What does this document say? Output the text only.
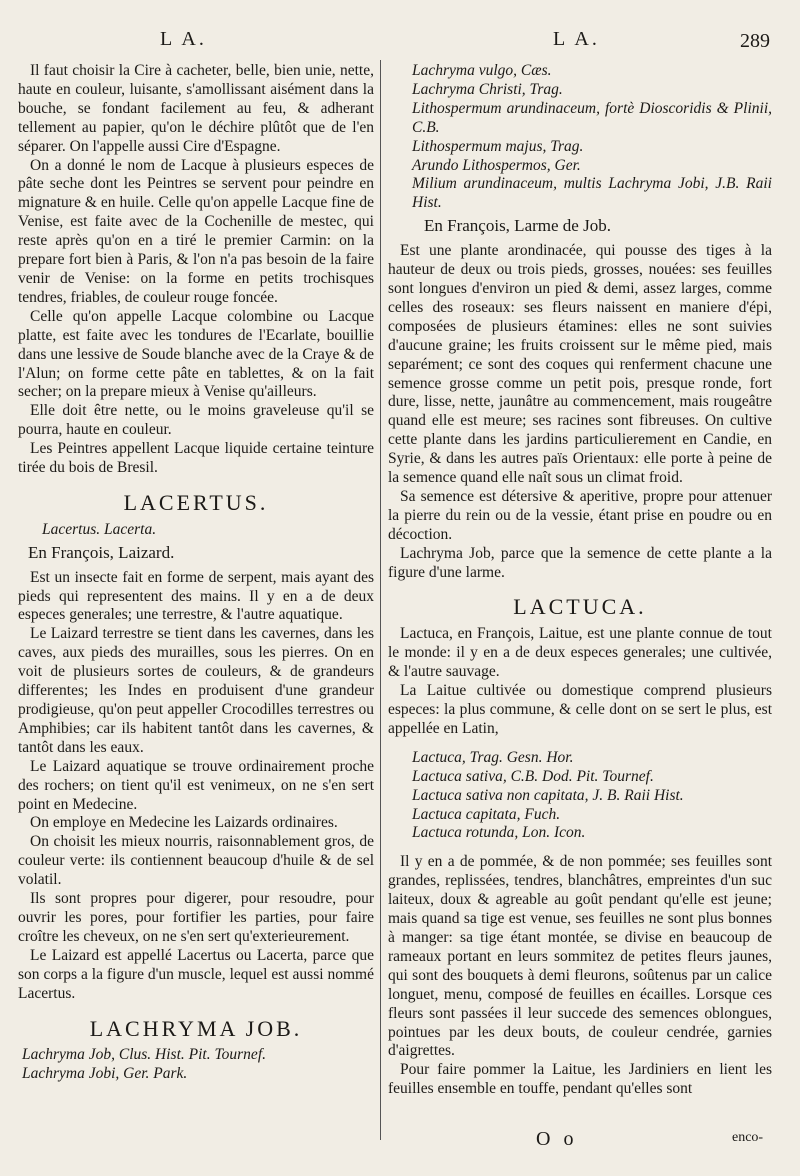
L A.	L A.	289

Il faut choisir la Cire à cacheter, belle, bien unie, nette, haute en couleur, luisante, s'amollissant aisément dans la bouche, se fondant facilement au feu, & adherant tellement au papier, qu'on le déchire plûtôt que de l'en séparer. On l'appelle aussi Cire d'Espagne.

On a donné le nom de Lacque à plusieurs especes de pâte seche dont les Peintres se servent pour peindre en mignature & en huile. Celle qu'on appelle Lacque fine de Venise, est faite avec de la Cochenille de mestec, qui reste après qu'on en a tiré le premier Carmin: on la prepare fort bien à Paris, & l'on n'a pas besoin de la faire venir de Venise: on la forme en petits trochisques tendres, friables, de couleur rouge foncée.

Celle qu'on appelle Lacque colombine ou Lacque platte, est faite avec les tondures de l'Ecarlate, bouillie dans une lessive de Soude blanche avec de la Craye & de l'Alun; on forme cette pâte en tablettes, & on la fait secher; on la prepare mieux à Venise qu'ailleurs.

Elle doit être nette, ou le moins graveleuse qu'il se pourra, haute en couleur.

Les Peintres appellent Lacque liquide certaine teinture tirée du bois de Bresil.

LACERTUS.

Lacertus. Lacerta.

En François, Laizard.

Est un insecte fait en forme de serpent, mais ayant des pieds qui representent des mains. Il y en a de deux especes generales; une terrestre, & l'autre aquatique.

Le Laizard terrestre se tient dans les cavernes, dans les caves, aux pieds des murailles, sous les pierres. On en voit de plusieurs sortes de couleurs, & de grandeurs differentes; les Indes en produisent d'une grandeur prodigieuse, qu'on peut appeller Crocodilles terrestres ou Amphibies; car ils habitent tantôt dans les cavernes, & tantôt dans les eaux.

Le Laizard aquatique se trouve ordinairement proche des rochers; on tient qu'il est venimeux, on ne s'en sert point en Medecine.

On employe en Medecine les Laizards ordinaires.

On choisit les mieux nourris, raisonnablement gros, de couleur verte: ils contiennent beaucoup d'huile & de sel volatil.

Ils sont propres pour digerer, pour resoudre, pour ouvrir les pores, pour fortifier les parties, pour faire croître les cheveux, on ne s'en sert qu'exterieurement.

Le Laizard est appellé Lacertus ou Lacerta, parce que son corps a la figure d'un muscle, lequel est aussi nommé Lacertus.

LACHRYMA JOB.

Lachryma Job, Clus. Hist. Pit. Tournef.

Lachryma Jobi, Ger. Park.

Lachryma vulgo, Cæs.

Lachryma Christi, Trag.

Lithospermum arundinaceum, fortè Dioscoridis & Plinii, C.B.

Lithospermum majus, Trag.

Arundo Lithospermos, Ger.

Milium arundinaceum, multis Lachryma Jobi, J.B. Raii Hist.

En François, Larme de Job.

Est une plante arondinacée, qui pousse des tiges à la hauteur de deux ou trois pieds, grosses, nouées: ses feuilles sont longues d'environ un pied & demi, assez larges, comme celles des roseaux: ses fleurs naissent en maniere d'épi, composées de plusieurs étamines: elles ne sont suivies d'aucune graine; les fruits croissent sur le même pied, mais separément; ce sont des coques qui renferment chacune une semence grosse comme un petit pois, presque ronde, fort dure, lisse, nette, jaunâtre au commencement, mais rougeâtre quand elle est meure; ses racines sont fibreuses. On cultive cette plante dans les jardins particulierement en Candie, en Syrie, & dans les autres païs Orientaux: elle porte à peine de la semence quand elle naît sous un climat froid.

Sa semence est détersive & aperitive, propre pour attenuer la pierre du rein ou de la vessie, étant prise en poudre ou en décoction.

Lachryma Job, parce que la semence de cette plante a la figure d'une larme.

LACTUCA.

Lactuca, en François, Laitue, est une plante connue de tout le monde: il y en a de deux especes generales; une cultivée, & l'autre sauvage.

La Laitue cultivée ou domestique comprend plusieurs especes: la plus commune, & celle dont on se sert le plus, est appellée en Latin,

Lactuca, Trag. Gesn. Hor.

Lactuca sativa, C.B. Dod. Pit. Tournef.

Lactuca sativa non capitata, J. B. Raii Hist.

Lactuca capitata, Fuch.

Lactuca rotunda, Lon. Icon.

Il y en a de pommée, & de non pommée; ses feuilles sont grandes, replissées, tendres, blanchâtres, empreintes d'un suc laiteux, doux & agreable au goût pendant qu'elle est jeune; mais quand sa tige est venue, ses feuilles ne sont plus bonnes à manger: sa tige étant montée, se divise en beaucoup de rameaux portant en leurs sommitez de petites fleurs jaunes, qui sont des bouquets à demi fleurons, soûtenus par un calice longuet, menu, composé de feuilles en écailles. Lorsque ces fleurs sont passées il leur succede des semences oblongues, pointues par les deux bouts, de couleur cendrée, garnies d'aigrettes.

Pour faire pommer la Laitue, les Jardiniers en lient les feuilles ensemble en touffe, pendant qu'elles sont

O o	enco-
